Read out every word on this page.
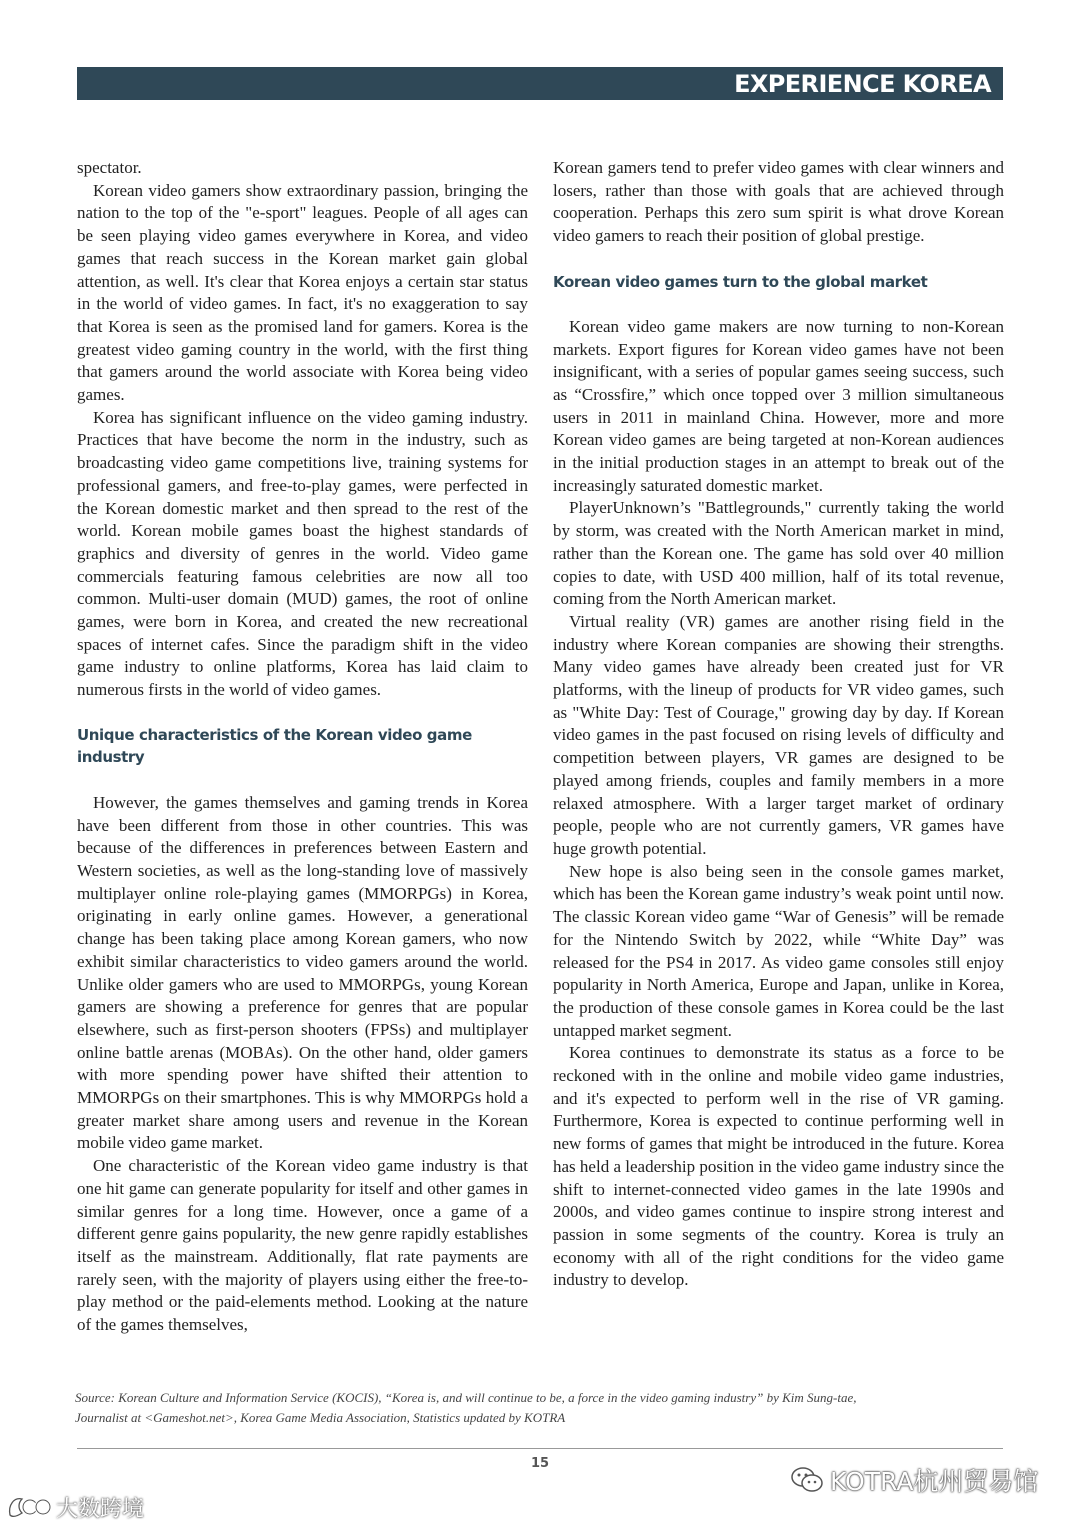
EXPERIENCE KOREA

spectator.

Korean video gamers show extraordinary passion, bringing the nation to the top of the "e-sport" leagues. People of all ages can be seen playing video games everywhere in Korea, and video games that reach success in the Korean market gain global attention, as well. It's clear that Korea enjoys a certain star status in the world of video games. In fact, it's no exaggeration to say that Korea is seen as the promised land for gamers. Korea is the greatest video gaming country in the world, with the first thing that gamers around the world associate with Korea being video games.

Korea has significant influence on the video gaming industry. Practices that have become the norm in the industry, such as broadcasting video game competitions live, training systems for professional gamers, and free-to-play games, were perfected in the Korean domestic market and then spread to the rest of the world. Korean mobile games boast the highest standards of graphics and diversity of genres in the world. Video game commercials featuring famous celebrities are now all too common. Multi-user domain (MUD) games, the root of online games, were born in Korea, and created the new recreational spaces of internet cafes. Since the paradigm shift in the video game industry to online platforms, Korea has laid claim to numerous firsts in the world of video games.

Unique characteristics of the Korean video game industry

However, the games themselves and gaming trends in Korea have been different from those in other countries. This was because of the differences in preferences between Eastern and Western societies, as well as the long-standing love of massively multiplayer online role-playing games (MMORPGs) in Korea, originating in early online games. However, a generational change has been taking place among Korean gamers, who now exhibit similar characteristics to video gamers around the world. Unlike older gamers who are used to MMORPGs, young Korean gamers are showing a preference for genres that are popular elsewhere, such as first-person shooters (FPSs) and multiplayer online battle arenas (MOBAs). On the other hand, older gamers with more spending power have shifted their attention to MMORPGs on their smartphones. This is why MMORPGs hold a greater market share among users and revenue in the Korean mobile video game market.

One characteristic of the Korean video game industry is that one hit game can generate popularity for itself and other games in similar genres for a long time. However, once a game of a different genre gains popularity, the new genre rapidly establishes itself as the mainstream. Additionally, flat rate payments are rarely seen, with the majority of players using either the free-to-play method or the paid-elements method. Looking at the nature of the games themselves,

Korean gamers tend to prefer video games with clear winners and losers, rather than those with goals that are achieved through cooperation. Perhaps this zero sum spirit is what drove Korean video gamers to reach their position of global prestige.

Korean video games turn to the global market

Korean video game makers are now turning to non-Korean markets. Export figures for Korean video games have not been insignificant, with a series of popular games seeing success, such as “Crossfire,” which once topped over 3 million simultaneous users in 2011 in mainland China. However, more and more Korean video games are being targeted at non-Korean audiences in the initial production stages in an attempt to break out of the increasingly saturated domestic market.

PlayerUnknown’s "Battlegrounds," currently taking the world by storm, was created with the North American market in mind, rather than the Korean one. The game has sold over 40 million copies to date, with USD 400 million, half of its total revenue, coming from the North American market.

Virtual reality (VR) games are another rising field in the industry where Korean companies are showing their strengths. Many video games have already been created just for VR platforms, with the lineup of products for VR video games, such as "White Day: Test of Courage," growing day by day. If Korean video games in the past focused on rising levels of difficulty and competition between players, VR games are designed to be played among friends, couples and family members in a more relaxed atmosphere. With a larger target market of ordinary people, people who are not currently gamers, VR games have huge growth potential.

New hope is also being seen in the console games market, which has been the Korean game industry’s weak point until now. The classic Korean video game “War of Genesis” will be remade for the Nintendo Switch by 2022, while “White Day” was released for the PS4 in 2017. As video game consoles still enjoy popularity in North America, Europe and Japan, unlike in Korea, the production of these console games in Korea could be the last untapped market segment.

Korea continues to demonstrate its status as a force to be reckoned with in the online and mobile video game industries, and it's expected to perform well in the rise of VR gaming. Furthermore, Korea is expected to continue performing well in new forms of games that might be introduced in the future. Korea has held a leadership position in the video game industry since the shift to internet-connected video games in the late 1990s and 2000s, and video games continue to inspire strong interest and passion in some segments of the country. Korea is truly an economy with all of the right conditions for the video game industry to develop.

Source: Korean Culture and Information Service (KOCIS), “Korea is, and will continue to be, a force in the video gaming industry” by Kim Sung-tae,
Journalist at <Gameshot.net>, Korea Game Media Association, Statistics updated by KOTRA
15
KOTRA杭州贸易馆
大数跨境
